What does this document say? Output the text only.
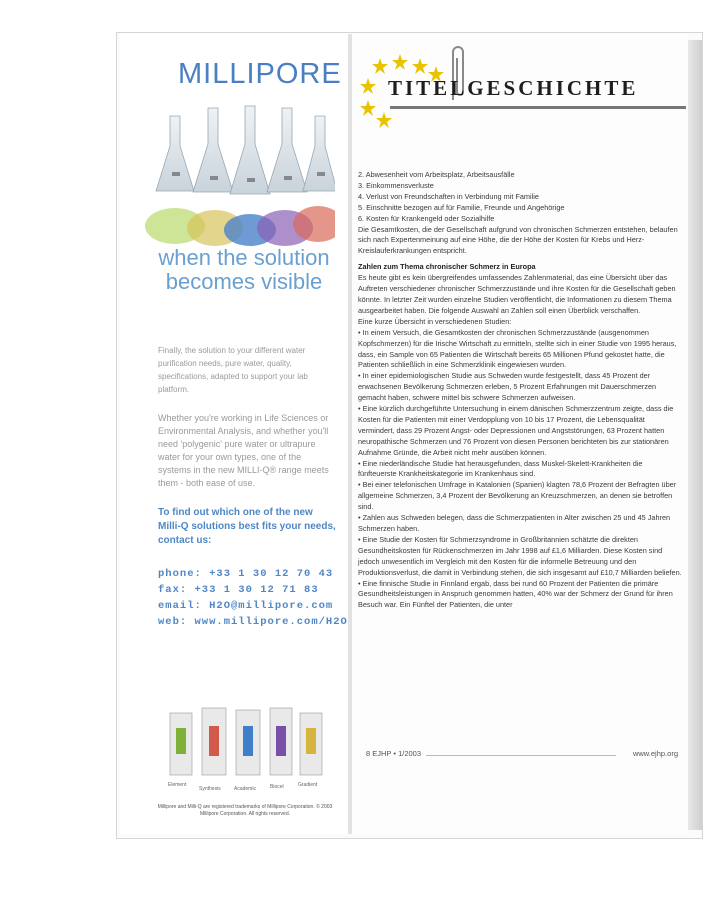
MILLIPORE
when the solution
becomes visible
Finally, the solution to your different water purification needs, pure water, quality, specifications, adapted to support your lab platform.
Whether you're working in Life Sciences or Environmental Analysis, and whether you'll need 'polygenic' pure water or ultrapure water for your own types, one of the systems in the new MILLI-Q® range meets them - both ease of use.
To find out which one of the new Milli-Q solutions best fits your needs, contact us:
phone: +33 1 30 12 70 43
fax: +33 1 30 12 71 83
email: H2O@millipore.com
web: www.millipore.com/H2O
Element
Synthesis	Academic	Biocel	Gradient
Millipore and Milli-Q are registered trademarks of Millipore Corporation. © 2003 Millipore Corporation. All rights reserved.
TITELGESCHICHTE

2. Abwesenheit vom Arbeitsplatz, Arbeitsausfälle

3. Einkommensverluste

4. Verlust von Freundschaften in Verbindung mit Familie

5. Einschnitte bezogen auf für Familie, Freunde und Angehörige

6. Kosten für Krankengeld oder Sozialhilfe

Die Gesamtkosten, die der Gesellschaft aufgrund von chronischen Schmerzen entstehen, belaufen sich nach Expertenmeinung auf eine Höhe, die der Höhe der Kosten für Krebs und Herz-Kreislauferkrankungen entspricht.

Zahlen zum Thema chronischer Schmerz in Europa

Es heute gibt es kein übergreifendes umfassendes Zahlenmaterial, das eine Übersicht über das Auftreten verschiedener chronischer Schmerzzustände und ihre Kosten für die Gesellschaft geben könnte. In letzter Zeit wurden einzelne Studien veröffentlicht, die Informationen zu diesem Thema ausgearbeitet haben. Die folgende Auswahl an Zahlen soll einen Überblick verschaffen.

Eine kurze Übersicht in verschiedenen Studien:

• In einem Versuch, die Gesamtkosten der chronischen Schmerzzustände (ausgenommen Kopfschmerzen) für die Irische Wirtschaft zu ermitteln, stellte sich in einer Studie von 1995 heraus, dass, ein Sample von 65 Patienten die Wirtschaft bereits 65 Millionen Pfund gekostet hatte, die Patienten schließlich in eine Schmerzklinik eingewiesen wurden.

• In einer epidemiologischen Studie aus Schweden wurde festgestellt, dass 45 Prozent der erwachsenen Bevölkerung Schmerzen erleben, 5 Prozent Erfahrungen mit Dauerschmerzen gemacht haben, schwere mittel bis schwere Schmerzen aufweisen.

• Eine kürzlich durchgeführte Untersuchung in einem dänischen Schmerzzentrum zeigte, dass die Kosten für die Patienten mit einer Verdopplung von 10 bis 17 Prozent, die Lebensqualität vermindert, dass 29 Prozent Angst- oder Depressionen und Angststörungen, 63 Prozent hatten neuropathische Schmerzen und 76 Prozent von diesen Personen berichteten bis zur stationären Aufnahme Gründe, die Arbeit nicht mehr ausüben können.

• Eine niederländische Studie hat herausgefunden, dass Muskel-Skelett-Krankheiten die fünfteuerste Krankheitskategorie im Krankenhaus sind.

• Bei einer telefonischen Umfrage in Katalonien (Spanien) klagten 78,6 Prozent der Befragten über allgemeine Schmerzen, 3,4 Prozent der Bevölkerung an Kreuzschmerzen, an denen sie betroffen sind.

• Zahlen aus Schweden belegen, dass die Schmerzpatienten in Alter zwischen 25 und 45 Jahren Schmerzen haben.

• Eine Studie der Kosten für Schmerzsyndrome in Großbritannien schätzte die direkten Gesundheitskosten für Rückenschmerzen im Jahr 1998 auf £1,6 Milliarden. Diese Kosten sind jedoch unwesentlich im Vergleich mit den Kosten für die informelle Betreuung und den Produktionsverlust, die damit in Verbindung stehen, die sich insgesamt auf £10,7 Milliarden beliefen.

• Eine finnische Studie in Finnland ergab, dass bei rund 60 Prozent der Patienten die primäre Gesundheitsleistungen in Anspruch genommen hatten, 40% war der Schmerz der Grund für ihren Besuch war. Ein Fünftel der Patienten, die unter

8 EJHP • 1/2003	www.ejhp.org
